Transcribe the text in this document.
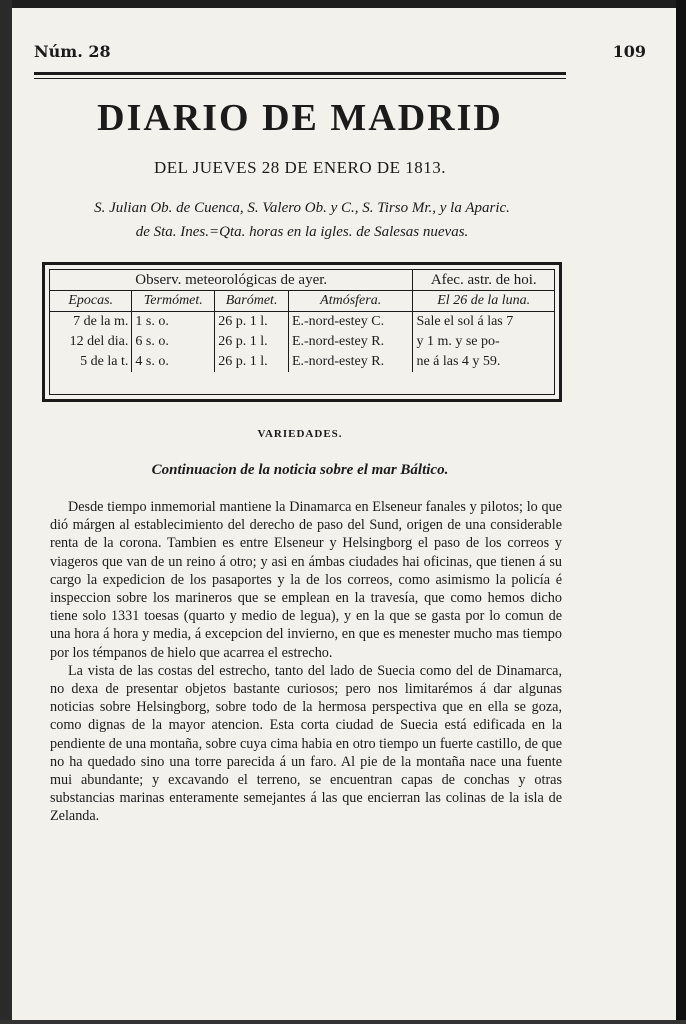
Núm. 28	109
DIARIO DE MADRID
DEL JUEVES 28 DE ENERO DE 1813.
S. Julian Ob. de Cuenca, S. Valero Ob. y C., S. Tirso Mr., y la Aparic.
de Sta. Ines.=Qta. horas en la igles. de Salesas nuevas.
Observ. meteorológicas de ayer.				Afec. astr. de hoi.
Epocas.	Termómet.	Barómet.	Atmósfera.	El 26 de la luna.
7 de la m.	1 s. o.	26 p. 1 l.	E.-nord-estey C.	Sale el sol á las 7
12 del dia.	6 s. o.	26 p. 1 l.	E.-nord-estey R.	y 1 m. y se po-
5 de la t.	4 s. o.	26 p. 1 l.	E.-nord-estey R.	ne á las 4 y 59.
VARIEDADES.
Continuacion de la noticia sobre el mar Báltico.

Desde tiempo inmemorial mantiene la Dinamarca en Elseneur fanales y pilotos; lo que dió márgen al establecimiento del derecho de paso del Sund, origen de una considerable renta de la corona. Tambien es entre Elseneur y Helsingborg el paso de los correos y viageros que van de un reino á otro; y asi en ámbas ciudades hai oficinas, que tienen á su cargo la expedicion de los pasaportes y la de los correos, como asimismo la policía é inspeccion sobre los marineros que se emplean en la travesía, que como hemos dicho tiene solo 1331 toesas (quarto y medio de legua), y en la que se gasta por lo comun de una hora á hora y media, á excepcion del invierno, en que es menester mucho mas tiempo por los témpanos de hielo que acarrea el estrecho.

La vista de las costas del estrecho, tanto del lado de Suecia como del de Dinamarca, no dexa de presentar objetos bastante curiosos; pero nos limitarémos á dar algunas noticias sobre Helsingborg, sobre todo de la hermosa perspectiva que en ella se goza, como dignas de la mayor atencion. Esta corta ciudad de Suecia está edificada en la pendiente de una montaña, sobre cuya cima habia en otro tiempo un fuerte castillo, de que no ha quedado sino una torre parecida á un faro. Al pie de la montaña nace una fuente mui abundante; y excavando el terreno, se encuentran capas de conchas y otras substancias marinas enteramente semejantes á las que encierran las colinas de la isla de Zelanda.
